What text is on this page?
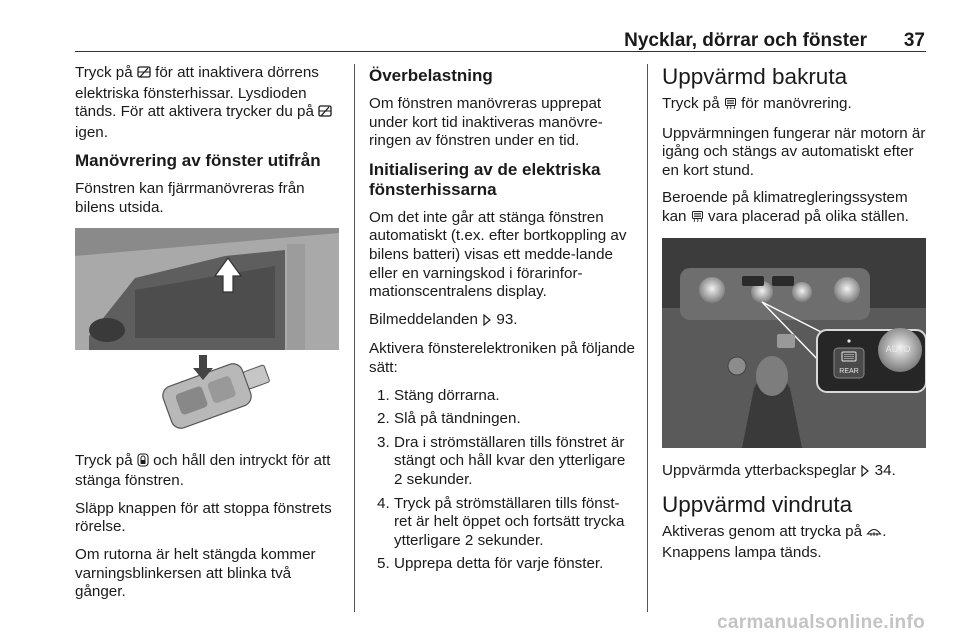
Nycklar, dörrar och fönster 37

Tryck på för att inaktivera dörrens elektriska fönsterhissar. Lysdioden tänds. För att aktivera trycker du på  igen.

Manövrering av fönster utifrån

Fönstren kan fjärrmanövreras från bilens utsida.

Tryck på och håll den intryckt för att stänga fönstren.

Släpp knappen för att stoppa fönstrets rörelse.

Om rutorna är helt stängda kommer varningsblinkersen att blinka två gånger.

Överbelastning

Om fönstren manövreras upprepat under kort tid inaktiveras manövre-ringen av fönstren under en tid.

Initialisering av de elektriska fönsterhissarna

Om det inte går att stänga fönstren automatiskt (t.ex. efter bortkoppling av bilens batteri) visas ett medde-lande eller en varningskod i förarinfor-mationscentralens display.

Bilmeddelanden 93.

Aktivera fönsterelektroniken på följande sätt:

1. Stäng dörrarna.
2. Slå på tändningen.
3. Dra i strömställaren tills fönstret är stängt och håll kvar den ytterligare 2 sekunder.
4. Tryck på strömställaren tills fönst-ret är helt öppet och fortsätt trycka ytterligare 2 sekunder.
5. Upprepa detta för varje fönster.
Uppvärmd bakruta

Tryck på för manövrering.

Uppvärmningen fungerar när motorn är igång och stängs av automatiskt efter en kort stund.

Beroende på klimatregleringssystem kan vara placerad på olika ställen.

REAR
AUTO

Uppvärmda ytterbackspeglar 34.

Uppvärmd vindruta

Aktiveras genom att trycka på .

Knappens lampa tänds.

carmanualsonline.info
